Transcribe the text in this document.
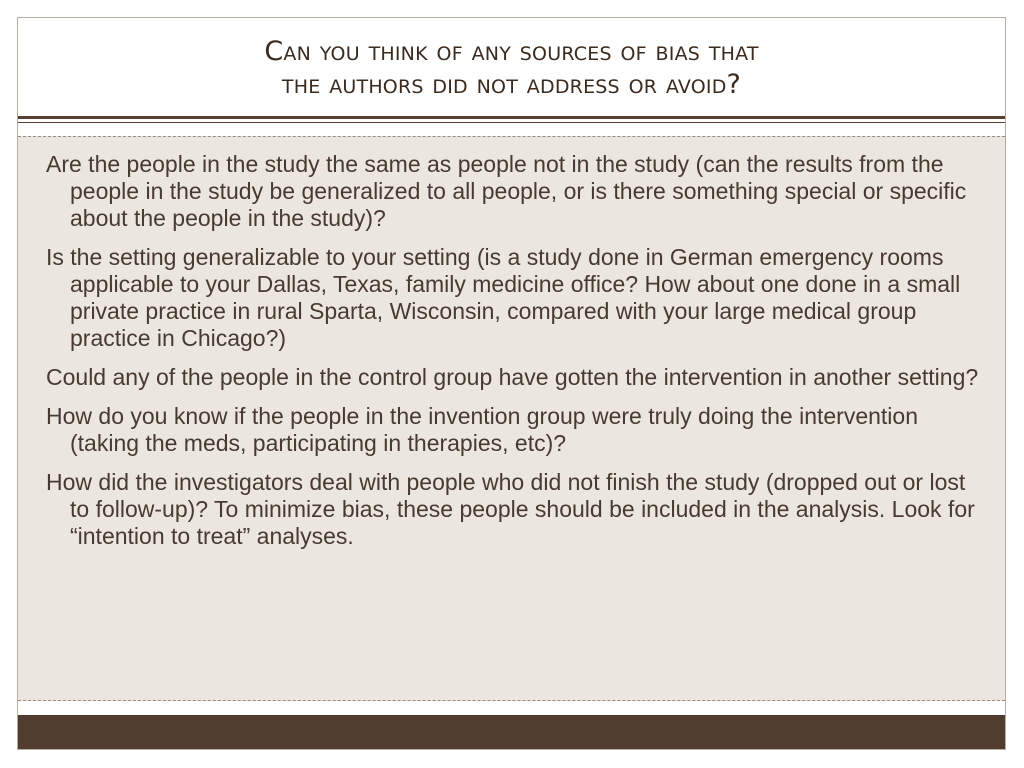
Can you think of any sources of bias that
the authors did not address or avoid?

Are the people in the study the same as people not in the study (can the results from the people in the study be generalized to all people, or is there something special or specific about the people in the study)?

Is the setting generalizable to your setting (is a study done in German emergency rooms applicable to your Dallas, Texas, family medicine office? How about one done in a small private practice in rural Sparta, Wisconsin, compared with your large medical group practice in Chicago?)

Could any of the people in the control group have gotten the intervention in another setting?

How do you know if the people in the invention group were truly doing the intervention (taking the meds, participating in therapies, etc)?

How did the investigators deal with people who did not finish the study (dropped out or lost to follow-up)? To minimize bias, these people should be included in the analysis. Look for “intention to treat” analyses.
